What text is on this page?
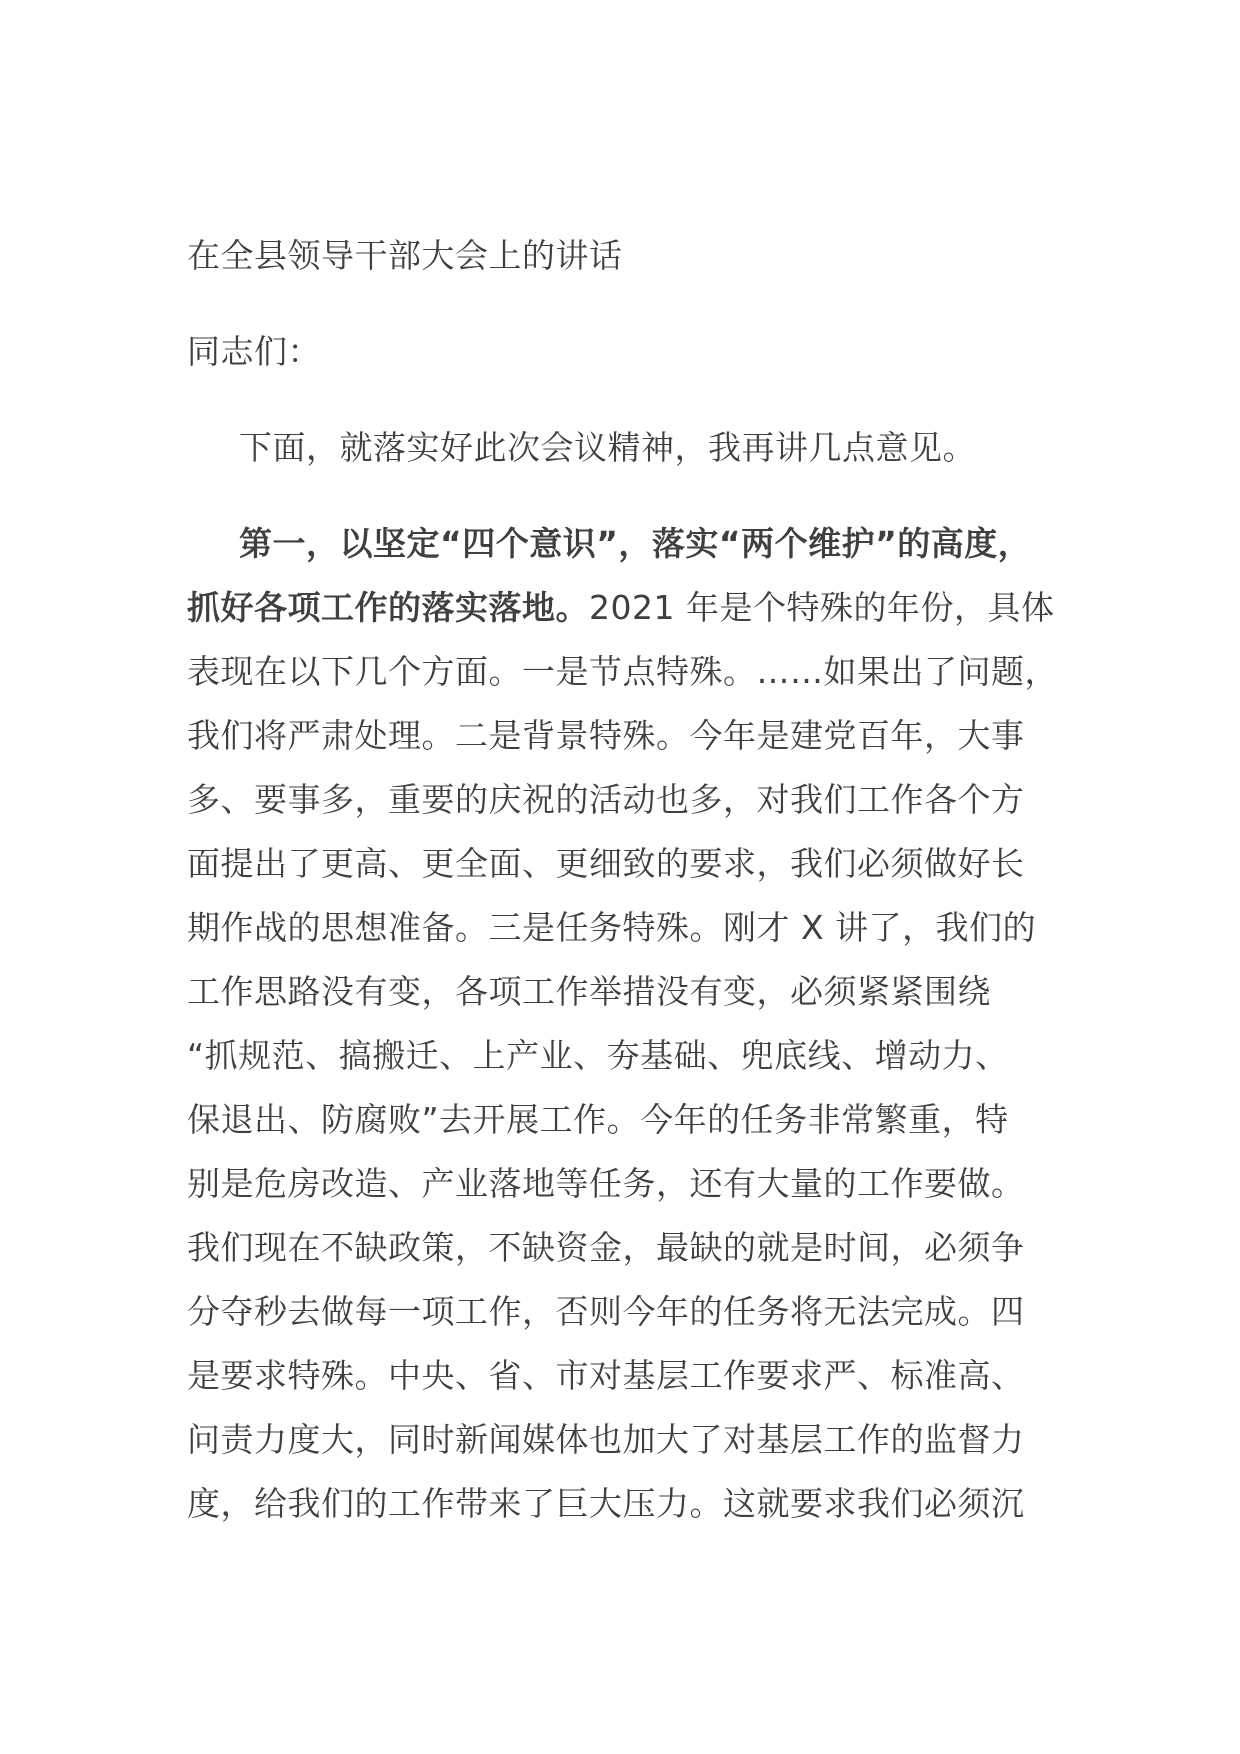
在全县领导干部大会上的讲话
同志们：
下面，就落实好此次会议精神，我再讲几点意见。
第一，以坚定“四个意识”，落实“两个维护”的高度，
抓好各项工作的落实落地。2021 年是个特殊的年份，具体
表现在以下几个方面。一是节点特殊。……如果出了问题，
我们将严肃处理。二是背景特殊。今年是建党百年，大事
多、要事多，重要的庆祝的活动也多，对我们工作各个方
面提出了更高、更全面、更细致的要求，我们必须做好长
期作战的思想准备。三是任务特殊。刚才 X 讲了，我们的
工作思路没有变，各项工作举措没有变，必须紧紧围绕
“抓规范、搞搬迁、上产业、夯基础、兜底线、增动力、
保退出、防腐败”去开展工作。今年的任务非常繁重，特
别是危房改造、产业落地等任务，还有大量的工作要做。
我们现在不缺政策，不缺资金，最缺的就是时间，必须争
分夺秒去做每一项工作，否则今年的任务将无法完成。四
是要求特殊。中央、省、市对基层工作要求严、标准高、
问责力度大，同时新闻媒体也加大了对基层工作的监督力
度，给我们的工作带来了巨大压力。这就要求我们必须沉
